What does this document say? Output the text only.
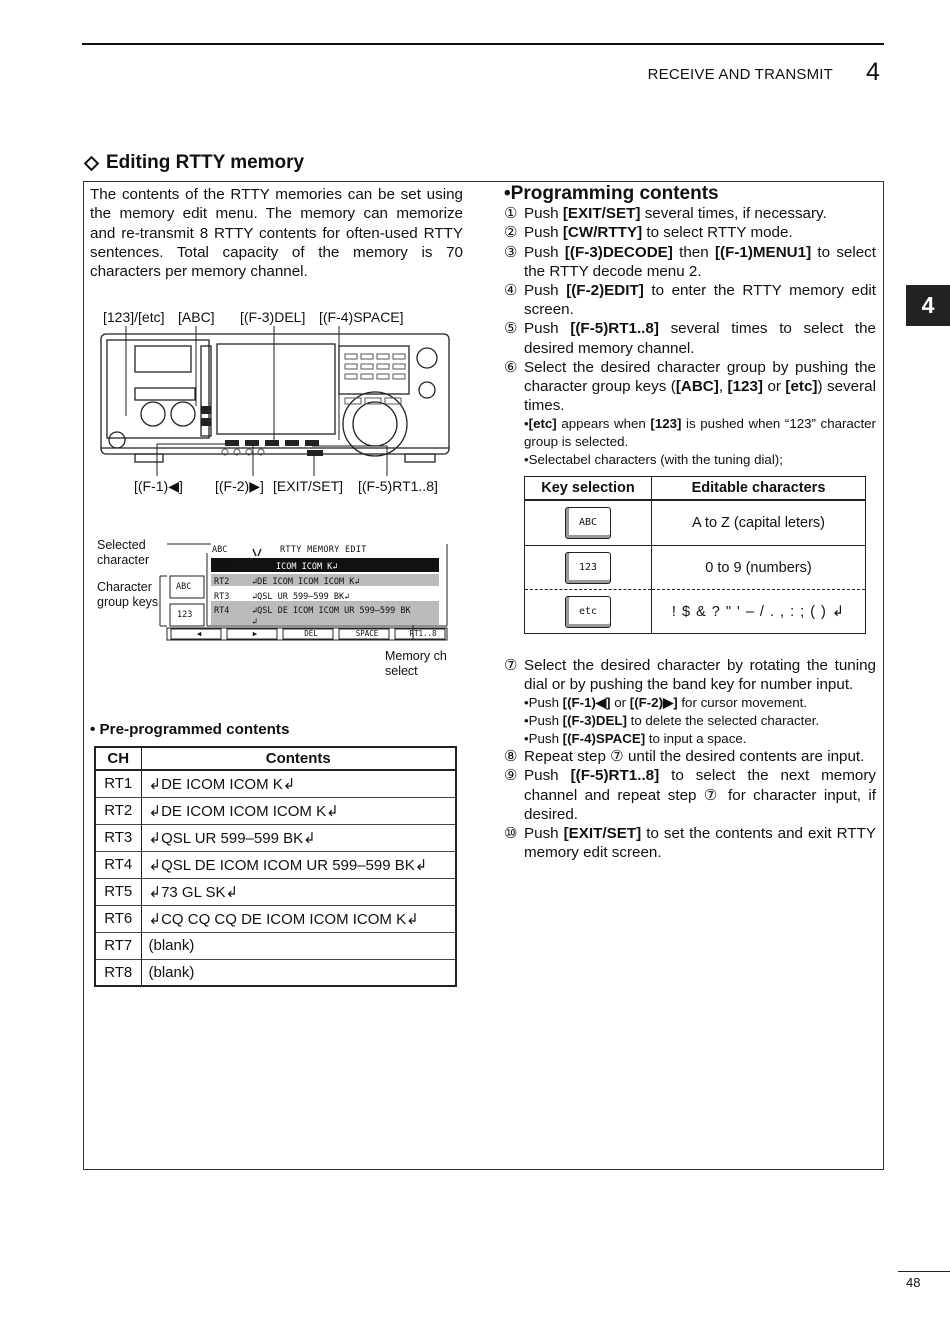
RECEIVE AND TRANSMIT 4
4
Editing RTTY memory
The contents of the RTTY memories can be set using the memory edit menu. The memory can memorize and re-transmit 8 RTTY contents for often-used RTTY sentences. Total capacity of the memory is 70 characters per memory channel.
[123]/[etc] [ABC] [(F-3)DEL] [(F-4)SPACE]
[(F-1)◀] [(F-2)▶] [EXIT/SET] [(F-5)RT1..8]
Selected character
Character group keys
Memory ch select
ABC	RTTY MEMORY EDIT
ABC
123
RT1	ICOM ICOM K↲
RT2	↲DE ICOM ICOM ICOM K↲
RT3	↲QSL UR 599–599 BK↲
RT4	↲QSL DE ICOM ICOM UR 599–599 BK
↲
◀	▶	DEL	SPACE	RT1..8
• Pre-programmed contents
CH	Contents
RT1	↲DE ICOM ICOM K↲
RT2	↲DE ICOM ICOM ICOM K↲
RT3	↲QSL UR 599–599 BK↲
RT4	↲QSL DE ICOM ICOM UR 599–599 BK↲
RT5	↲73 GL SK↲
RT6	↲CQ CQ CQ DE ICOM ICOM ICOM K↲
RT7	(blank)
RT8	(blank)
•Programming contents
① Push [EXIT/SET] several times, if necessary.
② Push [CW/RTTY] to select RTTY mode.
③ Push [(F-3)DECODE] then [(F-1)MENU1] to select the RTTY decode menu 2.
④ Push [(F-2)EDIT] to enter the RTTY memory edit screen.
⑤ Push [(F-5)RT1..8] several times to select the desired memory channel.
⑥ Select the desired character group by pushing the character group keys ([ABC], [123] or [etc]) several times.
•[etc] appears when [123] is pushed when “123” character group is selected.
•Selectabel characters (with the tuning dial);
Key selection	Editable characters
ABC	A to Z (capital leters)
123	0 to 9 (numbers)
etc	! $ & ? " ' – / . , : ; ( ) ↲
⑦ Select the desired character by rotating the tuning dial or by pushing the band key for number input.
•Push [(F-1)◀] or [(F-2)▶] for cursor movement.
•Push [(F-3)DEL] to delete the selected character.
•Push [(F-4)SPACE] to input a space.
⑧ Repeat step ⑦ until the desired contents are input.
⑨ Push [(F-5)RT1..8] to select the next memory channel and repeat step ⑦ for character input, if desired.
⑩ Push [EXIT/SET] to set the contents and exit RTTY memory edit screen.
48
